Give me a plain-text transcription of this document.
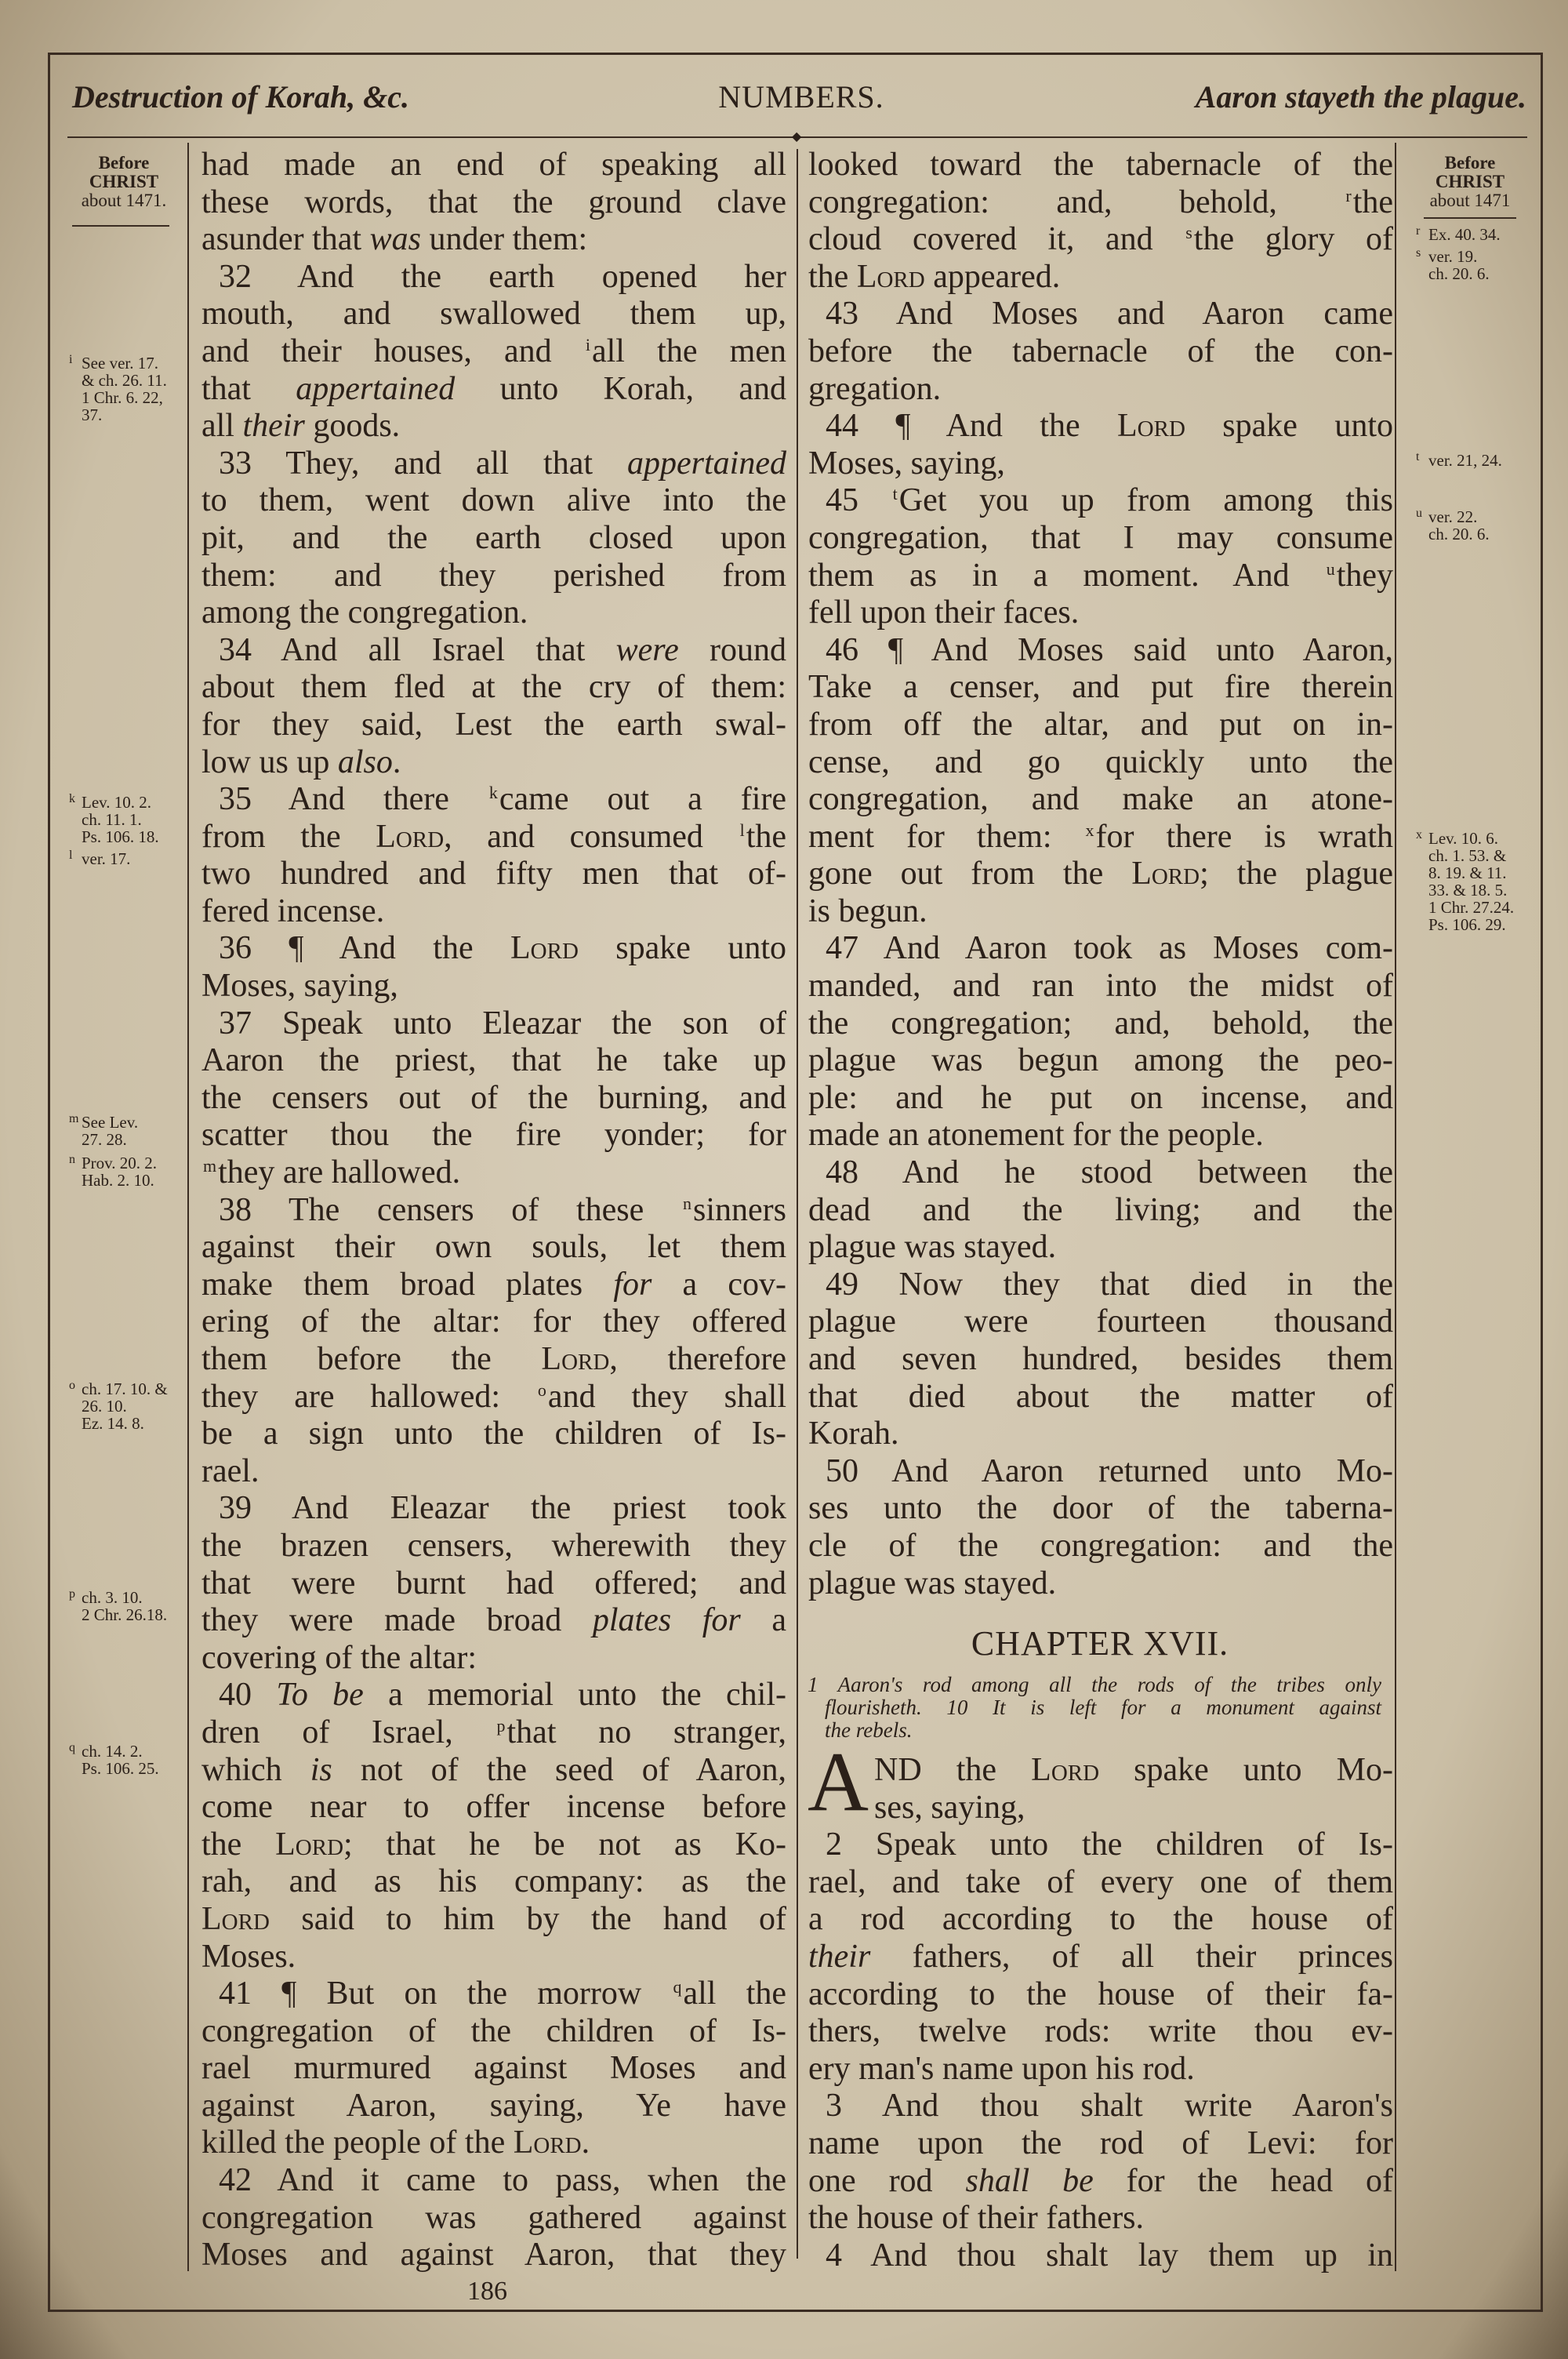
Destruction of Korah, &c.	NUMBERS.	Aaron stayeth the plague.
◆
Before
CHRIST
about 1471.
i See ver. 17.
& ch. 26. 11.
1 Chr. 6. 22,
37.
k Lev. 10. 2.
ch. 11. 1.
Ps. 106. 18.
l ver. 17.
m See Lev.
27. 28.
n Prov. 20. 2.
Hab. 2. 10.
o ch. 17. 10. &
26. 10.
Ez. 14. 8.
p ch. 3. 10.
2 Chr. 26.18.
q ch. 14. 2.
Ps. 106. 25.
Before
CHRIST
about 1471
r Ex. 40. 34.
s ver. 19.
ch. 20. 6.
t ver. 21, 24.
u ver. 22.
ch. 20. 6.
x Lev. 10. 6.
ch. 1. 53. &
8. 19. & 11.
33. & 18. 5.
1 Chr. 27.24.
Ps. 106. 29.
had made an end of speaking all
these words, that the ground clave
asunder that was under them:
32 And the earth opened her
mouth, and swallowed them up,
and their houses, and $^i$all the men
that appertained unto Korah, and
all their goods.
33 They, and all that appertained
to them, went down alive into the
pit, and the earth closed upon
them: and they perished from
among the congregation.
34 And all Israel that were round
about them fled at the cry of them:
for they said, Lest the earth swal-
low us up also.
35 And there $^k$came out a fire
from the Lord, and consumed $^l$the
two hundred and fifty men that of-
fered incense.
36 ¶ And the Lord spake unto
Moses, saying,
37 Speak unto Eleazar the son of
Aaron the priest, that he take up
the censers out of the burning, and
scatter thou the fire yonder; for
$^m$they are hallowed.
38 The censers of these $^n$sinners
against their own souls, let them
make them broad plates for a cov-
ering of the altar: for they offered
them before the Lord, therefore
they are hallowed: $^o$and they shall
be a sign unto the children of Is-
rael.
39 And Eleazar the priest took
the brazen censers, wherewith they
that were burnt had offered; and
they were made broad plates for a
covering of the altar:
40 To be a memorial unto the chil-
dren of Israel, $^p$that no stranger,
which is not of the seed of Aaron,
come near to offer incense before
the Lord; that he be not as Ko-
rah, and as his company: as the
Lord said to him by the hand of
Moses.
41 ¶ But on the morrow $^q$all the
congregation of the children of Is-
rael murmured against Moses and
against Aaron, saying, Ye have
killed the people of the Lord.
42 And it came to pass, when the
congregation was gathered against
Moses and against Aaron, that they
looked toward the tabernacle of the
congregation: and, behold, $^r$the
cloud covered it, and $^s$the glory of
the Lord appeared.
43 And Moses and Aaron came
before the tabernacle of the con-
gregation.
44 ¶ And the Lord spake unto
Moses, saying,
45 $^t$Get you up from among this
congregation, that I may consume
them as in a moment. And $^u$they
fell upon their faces.
46 ¶ And Moses said unto Aaron,
Take a censer, and put fire therein
from off the altar, and put on in-
cense, and go quickly unto the
congregation, and make an atone-
ment for them: $^x$for there is wrath
gone out from the Lord; the plague
is begun.
47 And Aaron took as Moses com-
manded, and ran into the midst of
the congregation; and, behold, the
plague was begun among the peo-
ple: and he put on incense, and
made an atonement for the people.
48 And he stood between the
dead and the living; and the
plague was stayed.
49 Now they that died in the
plague were fourteen thousand
and seven hundred, besides them
that died about the matter of
Korah.
50 And Aaron returned unto Mo-
ses unto the door of the taberna-
cle of the congregation: and the
plague was stayed.
CHAPTER XVII.
1 Aaron's rod among all the rods of the tribes only
flourisheth. 10 It is left for a monument against
the rebels.
A ND the Lord spake unto Mo-
ses, saying,
2 Speak unto the children of Is-
rael, and take of every one of them
a rod according to the house of
their fathers, of all their princes
according to the house of their fa-
thers, twelve rods: write thou ev-
ery man's name upon his rod.
3 And thou shalt write Aaron's
name upon the rod of Levi: for
one rod shall be for the head of
the house of their fathers.
4 And thou shalt lay them up in
186
